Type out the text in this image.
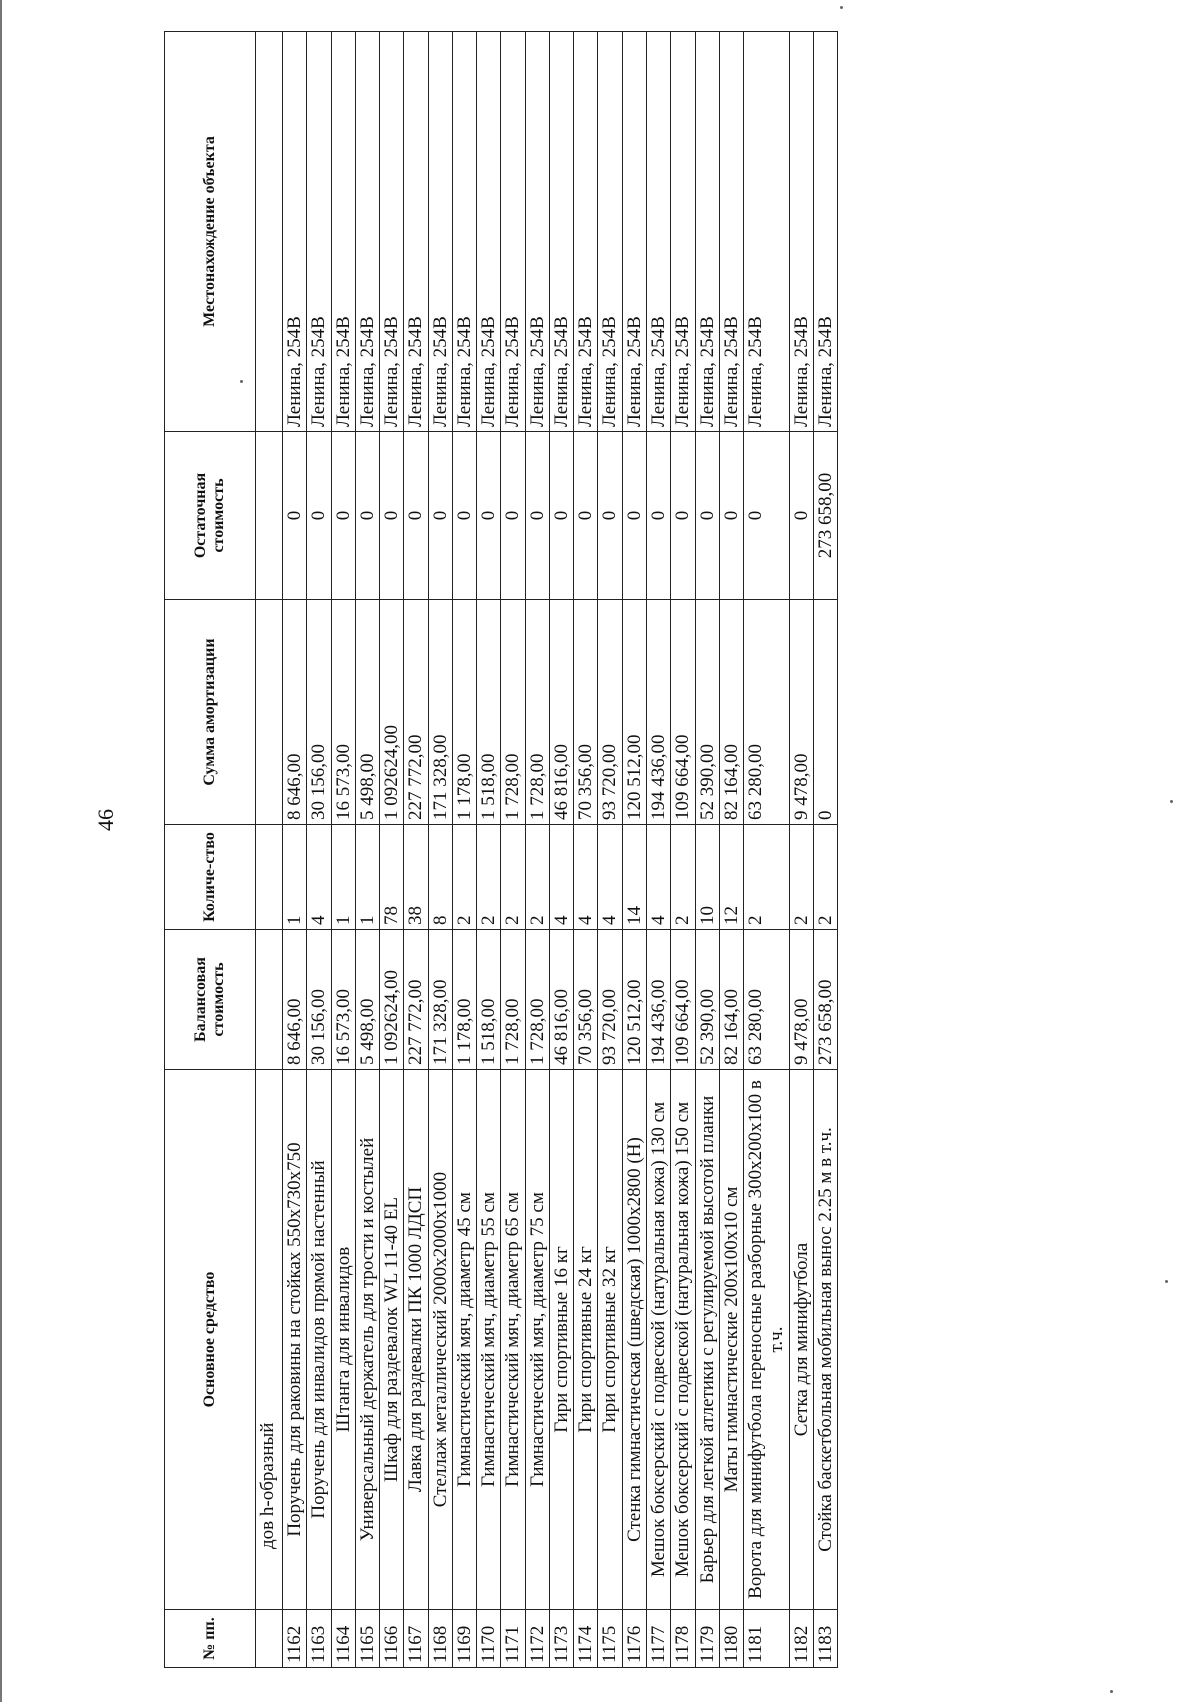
46
№ пп.	Основное средство	Балансовая стоимость	Количе-ство	Сумма амортизации	Остаточная стоимость	Местонахождение объекта
	дов h-образный					
1162	Поручень для раковины на стойках 550х730х750	8 646,00	1	8 646,00	0	Ленина, 254В
1163	Поручень для инвалидов прямой настенный	30 156,00	4	30 156,00	0	Ленина, 254В
1164	Штанга для инвалидов	16 573,00	1	16 573,00	0	Ленина, 254В
1165	Универсальный держатель для трости и костылей	5 498,00	1	5 498,00	0	Ленина, 254В
1166	Шкаф для раздевалок WL 11-40 EL	1 092624,00	78	1 092624,00	0	Ленина, 254В
1167	Лавка для раздевалки ПК 1000 ЛДСП	227 772,00	38	227 772,00	0	Ленина, 254В
1168	Стеллаж металлический 2000х2000х1000	171 328,00	8	171 328,00	0	Ленина, 254В
1169	Гимнастический мяч, диаметр 45 см	1 178,00	2	1 178,00	0	Ленина, 254В
1170	Гимнастический мяч, диаметр 55 см	1 518,00	2	1 518,00	0	Ленина, 254В
1171	Гимнастический мяч, диаметр 65 см	1 728,00	2	1 728,00	0	Ленина, 254В
1172	Гимнастический мяч, диаметр 75 см	1 728,00	2	1 728,00	0	Ленина, 254В
1173	Гири спортивные 16 кг	46 816,00	4	46 816,00	0	Ленина, 254В
1174	Гири спортивные 24 кг	70 356,00	4	70 356,00	0	Ленина, 254В
1175	Гири спортивные 32 кг	93 720,00	4	93 720,00	0	Ленина, 254В
1176	Стенка гимнастическая (шведская) 1000х2800 (Н)	120 512,00	14	120 512,00	0	Ленина, 254В
1177	Мешок боксерский с подвеской (натуральная кожа) 130 см	194 436,00	4	194 436,00	0	Ленина, 254В
1178	Мешок боксерский с подвеской (натуральная кожа) 150 см	109 664,00	2	109 664,00	0	Ленина, 254В
1179	Барьер для легкой атлетики с регулируемой высотой планки	52 390,00	10	52 390,00	0	Ленина, 254В
1180	Маты гимнастические 200х100х10 см	82 164,00	12	82 164,00	0	Ленина, 254В
1181	Ворота для минифутбола переносные разборные 300х200х100 в т.ч.	63 280,00	2	63 280,00	0	Ленина, 254В
1182	Сетка для минифутбола	9 478,00	2	9 478,00	0	Ленина, 254В
1183	Стойка баскетбольная мобильная вынос 2.25 м в т.ч.	273 658,00	2	0	273 658,00	Ленина, 254В
